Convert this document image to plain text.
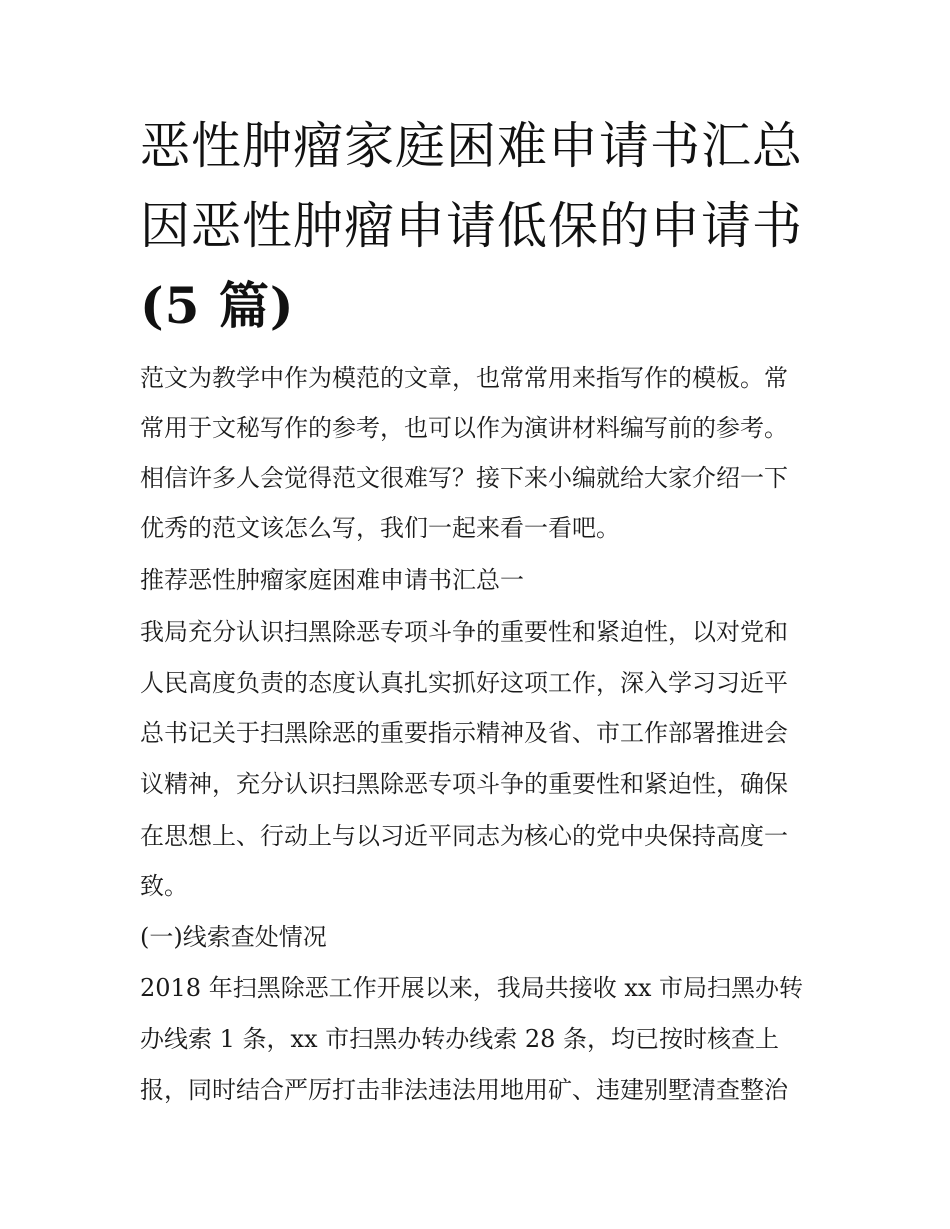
恶性肿瘤家庭困难申请书汇总
因恶性肿瘤申请低保的申请书
(5 篇)
范文为教学中作为模范的文章，也常常用来指写作的模板。常
常用于文秘写作的参考，也可以作为演讲材料编写前的参考。
相信许多人会觉得范文很难写？接下来小编就给大家介绍一下
优秀的范文该怎么写，我们一起来看一看吧。
推荐恶性肿瘤家庭困难申请书汇总一
我局充分认识扫黑除恶专项斗争的重要性和紧迫性，以对党和
人民高度负责的态度认真扎实抓好这项工作，深入学习习近平
总书记关于扫黑除恶的重要指示精神及省、市工作部署推进会
议精神，充分认识扫黑除恶专项斗争的重要性和紧迫性，确保
在思想上、行动上与以习近平同志为核心的党中央保持高度一
致。
(一)线索查处情况
2018 年扫黑除恶工作开展以来，我局共接收 xx 市局扫黑办转
办线索 1 条，xx 市扫黑办转办线索 28 条，均已按时核查上
报，同时结合严厉打击非法违法用地用矿、违建别墅清查整治
